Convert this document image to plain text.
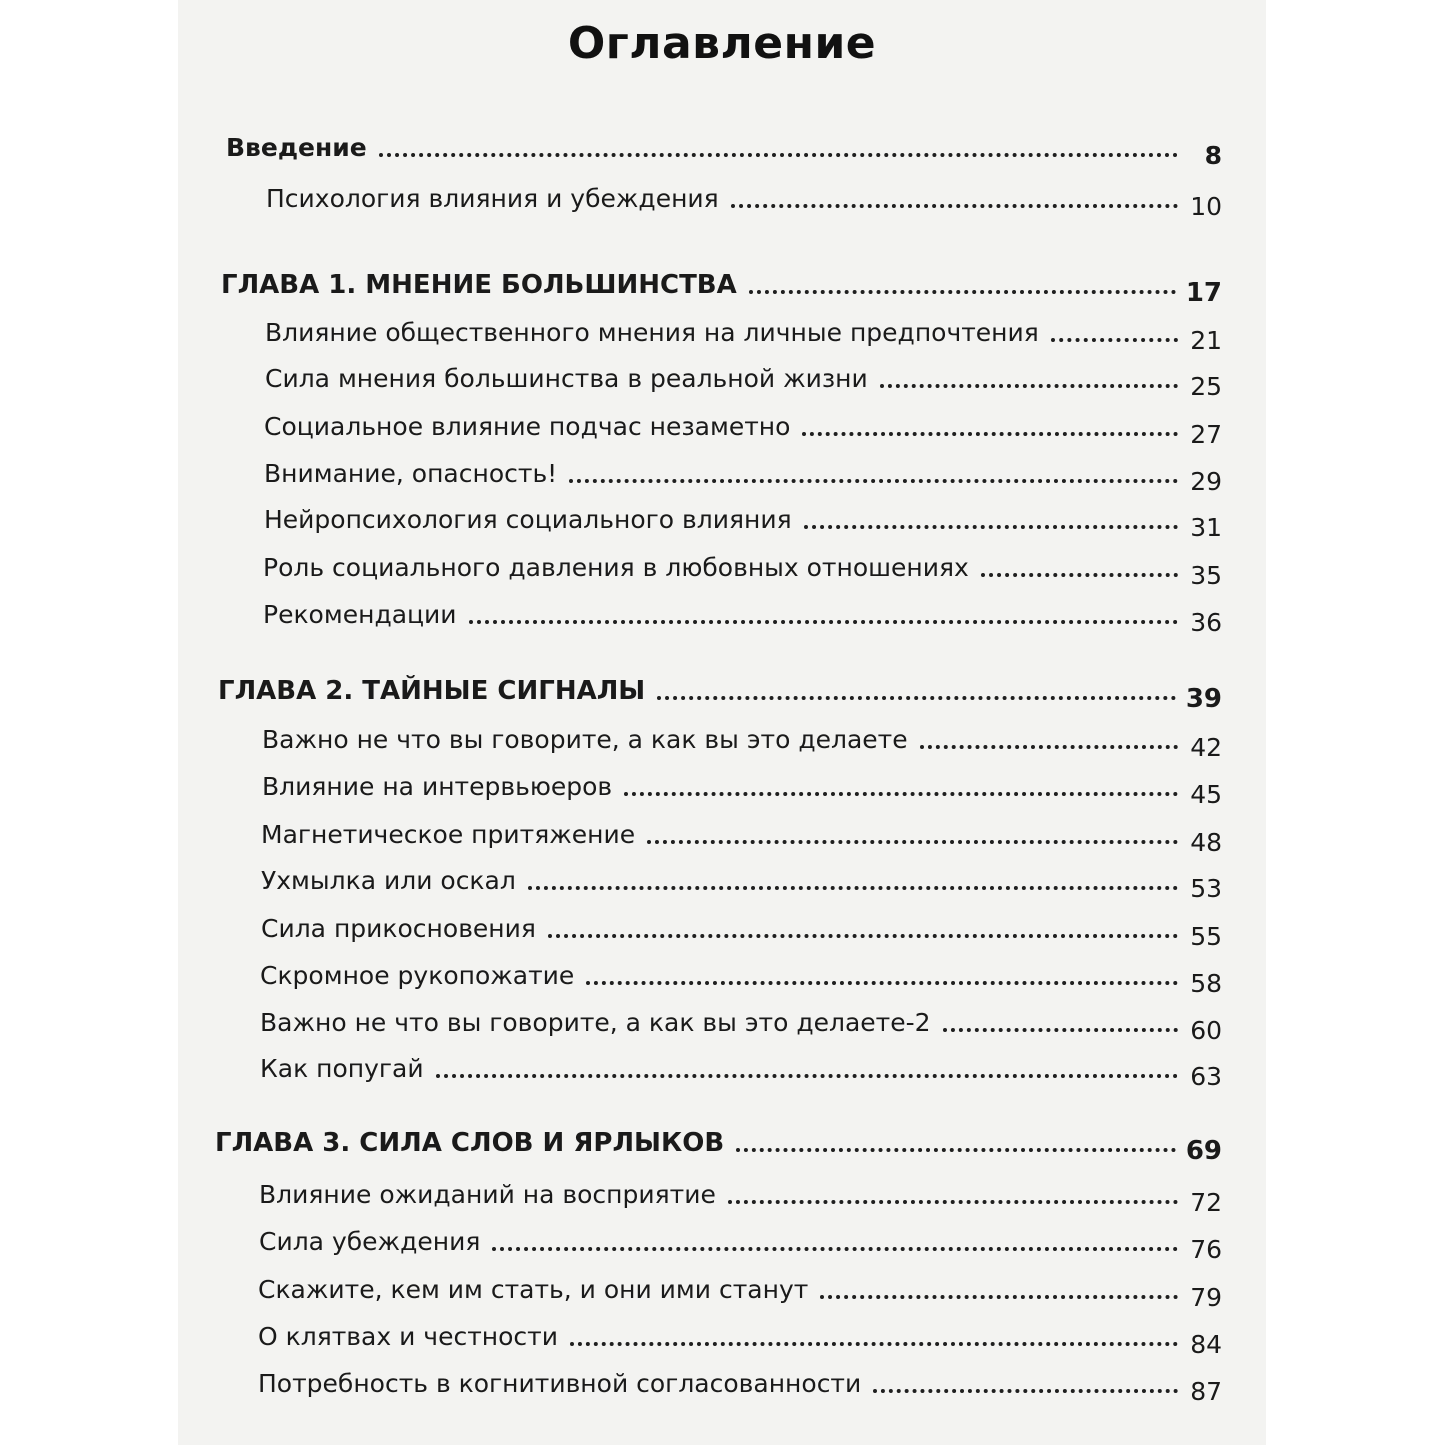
Оглавление
Введение	8
Психология влияния и убеждения	10
ГЛАВА 1. МНЕНИЕ БОЛЬШИНСТВА	17
Влияние общественного мнения на личные предпочтения	21
Сила мнения большинства в реальной жизни	25
Социальное влияние подчас незаметно	27
Внимание, опасность!	29
Нейропсихология социального влияния	31
Роль социального давления в любовных отношениях	35
Рекомендации	36
ГЛАВА 2. ТАЙНЫЕ СИГНАЛЫ	39
Важно не что вы говорите, а как вы это делаете	42
Влияние на интервьюеров	45
Магнетическое притяжение	48
Ухмылка или оскал	53
Сила прикосновения	55
Скромное рукопожатие	58
Важно не что вы говорите, а как вы это делаете-2	60
Как попугай	63
ГЛАВА 3. СИЛА СЛОВ И ЯРЛЫКОВ	69
Влияние ожиданий на восприятие	72
Сила убеждения	76
Скажите, кем им стать, и они ими станут	79
О клятвах и честности	84
Потребность в когнитивной согласованности	87
